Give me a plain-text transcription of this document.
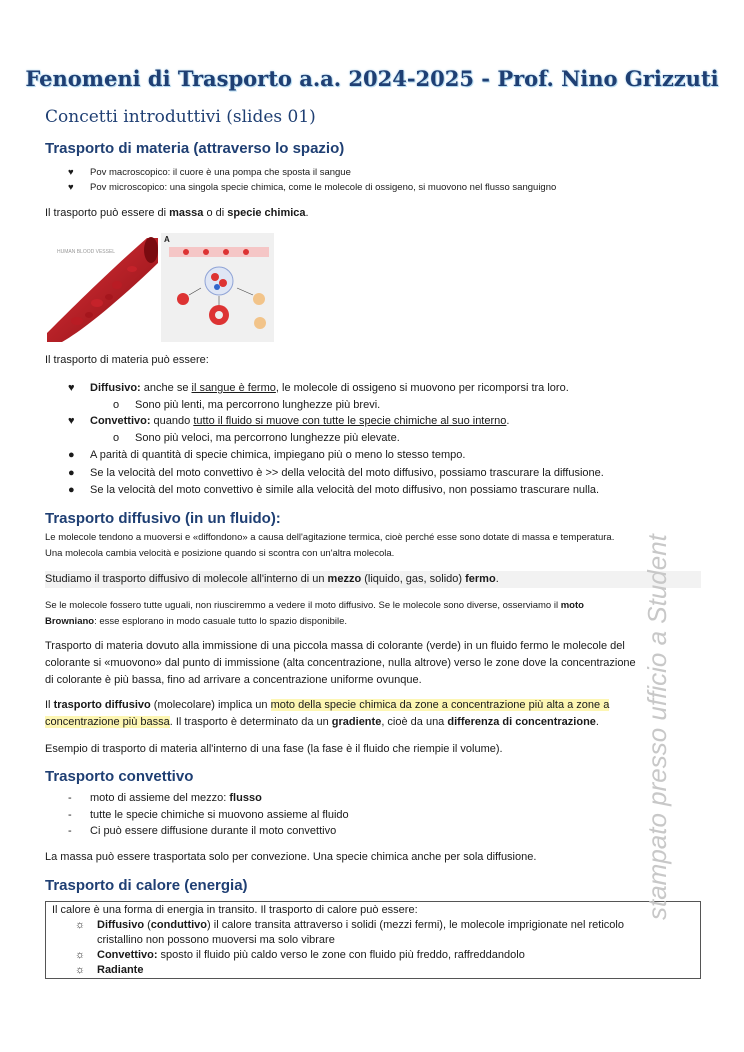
Fenomeni di Trasporto a.a. 2024-2025 - Prof. Nino Grizzuti
Concetti introduttivi (slides 01)
Trasporto di materia (attraverso lo spazio)
♥ Pov macroscopico: il cuore è una pompa che sposta il sangue
♥ Pov microscopico: una singola specie chimica, come le molecole di ossigeno, si muovono nel flusso sanguigno
Il trasporto può essere di massa o di specie chimica.
HUMAN BLOOD VESSEL
A
Il trasporto di materia può essere:
♥ Diffusivo: anche se il sangue è fermo, le molecole di ossigeno si muovono per ricomporsi tra loro.
o Sono più lenti, ma percorrono lunghezze più brevi.
♥ Convettivo: quando tutto il fluido si muove con tutte le specie chimiche al suo interno.
o Sono più veloci, ma percorrono lunghezze più elevate.
● A parità di quantità di specie chimica, impiegano più o meno lo stesso tempo.
● Se la velocità del moto convettivo è >> della velocità del moto diffusivo, possiamo trascurare la diffusione.
● Se la velocità del moto convettivo è simile alla velocità del moto diffusivo, non possiamo trascurare nulla.
Trasporto diffusivo (in un fluido):
Le molecole tendono a muoversi e «diffondono» a causa dell'agitazione termica, cioè perché esse sono dotate di massa e temperatura.
Una molecola cambia velocità e posizione quando si scontra con un'altra molecola.
Studiamo il trasporto diffusivo di molecole all'interno di un mezzo (liquido, gas, solido) fermo.
Se le molecole fossero tutte uguali, non riusciremmo a vedere il moto diffusivo. Se le molecole sono diverse, osserviamo il moto
Browniano: esse esplorano in modo casuale tutto lo spazio disponibile.
Trasporto di materia dovuto alla immissione di una piccola massa di colorante (verde) in un fluido fermo le molecole del
colorante si «muovono» dal punto di immissione (alta concentrazione, nulla altrove) verso le zone dove la concentrazione
di colorante è più bassa, fino ad arrivare a concentrazione uniforme ovunque.
Il trasporto diffusivo (molecolare) implica un moto della specie chimica da zone a concentrazione più alta a zone a
concentrazione più bassa. Il trasporto è determinato da un gradiente, cioè da una differenza di concentrazione.
Esempio di trasporto di materia all'interno di una fase (la fase è il fluido che riempie il volume).
Trasporto convettivo
- moto di assieme del mezzo: flusso
- tutte le specie chimiche si muovono assieme al fluido
- Ci può essere diffusione durante il moto convettivo
La massa può essere trasportata solo per convezione. Una specie chimica anche per sola diffusione.
Trasporto di calore (energia)
Il calore è una forma di energia in transito. Il trasporto di calore può essere:
☼ Diffusivo (conduttivo) il calore transita attraverso i solidi (mezzi fermi), le molecole imprigionate nel reticolo
cristallino non possono muoversi ma solo vibrare
☼ Convettivo: sposto il fluido più caldo verso le zone con fluido più freddo, raffreddandolo
☼ Radiante
stampato presso ufficio a Student
